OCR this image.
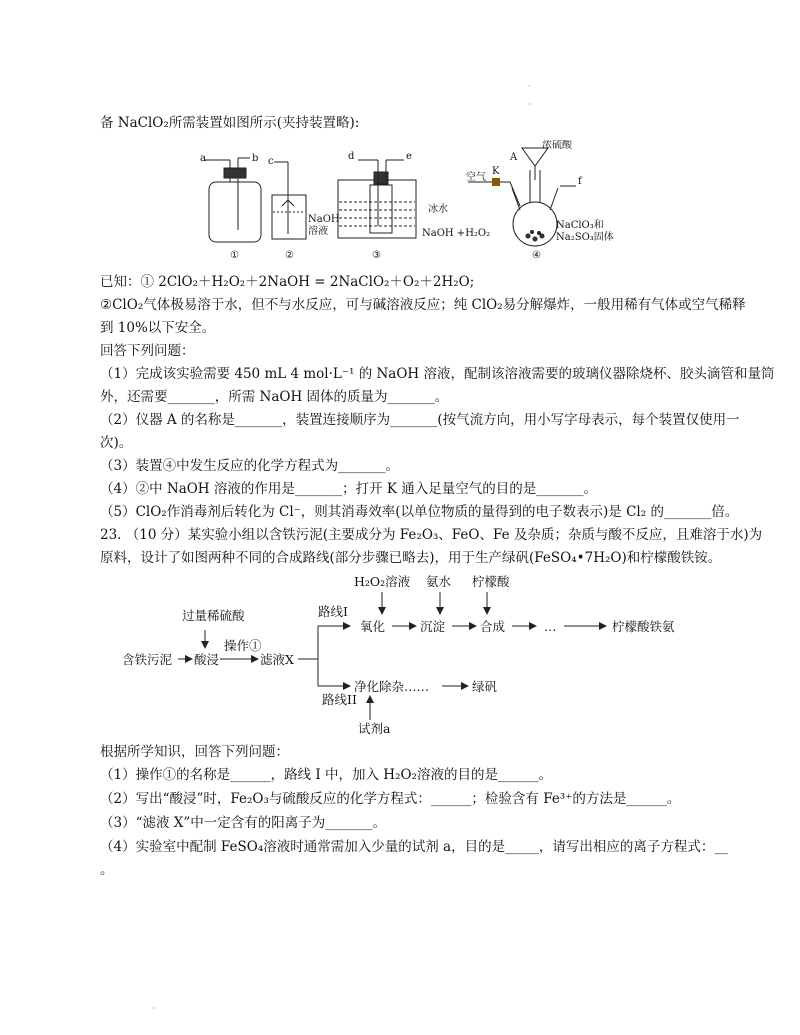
·
·
备 NaClO₂所需装置如图所示(夹持装置略):
a	b
①
c
NaOH
溶液
②
d	e
冰水
NaOH +H₂O₂
③
浓硫酸
A
K
空气	f
NaClO₃和
Na₂SO₃固体
④
已知：① 2ClO₂＋H₂O₂＋2NaOH = 2NaClO₂＋O₂＋2H₂O;
②ClO₂气体极易溶于水，但不与水反应，可与碱溶液反应；纯 ClO₂易分解爆炸，一般用稀有气体或空气稀释
到 10%以下安全。
回答下列问题：
（1）完成该实验需要 450 mL 4 mol·L⁻¹ 的 NaOH 溶液，配制该溶液需要的玻璃仪器除烧杯、胶头滴管和量筒
外，还需要_______，所需 NaOH 固体的质量为_______。
（2）仪器 A 的名称是_______，装置连接顺序为_______(按气流方向，用小写字母表示，每个装置仅使用一
次)。
（3）装置④中发生反应的化学方程式为_______。
（4）②中 NaOH 溶液的作用是_______；打开 K 通入足量空气的目的是_______。
（5）ClO₂作消毒剂后转化为 Cl⁻，则其消毒效率(以单位物质的量得到的电子数表示)是 Cl₂ 的_______倍。
23. （10 分）某实验小组以含铁污泥(主要成分为 Fe₂O₃、FeO、Fe 及杂质；杂质与酸不反应，且难溶于水)为
原料，设计了如图两种不同的合成路线(部分步骤已略去)，用于生产绿矾(FeSO₄•7H₂O)和柠檬酸铁铵。
过量稀硫酸
操作①
含铁污泥 酸浸	滤液X
路线I
路线II
H₂O₂溶液 氨水 柠檬酸
氧化	沉淀	合成	…	柠檬酸铁氨
净化除杂……	绿矾
试剂a
根据所学知识，回答下列问题：
（1）操作①的名称是______，路线 I 中，加入 H₂O₂溶液的目的是______。
（2）写出“酸浸”时，Fe₂O₃与硫酸反应的化学方程式：______；检验含有 Fe³⁺的方法是______。
（3）“滤液 X”中一定含有的阳离子为_______。
（4）实验室中配制 FeSO₄溶液时通常需加入少量的试剂 a，目的是_____，请写出相应的离子方程式：__
。
·
